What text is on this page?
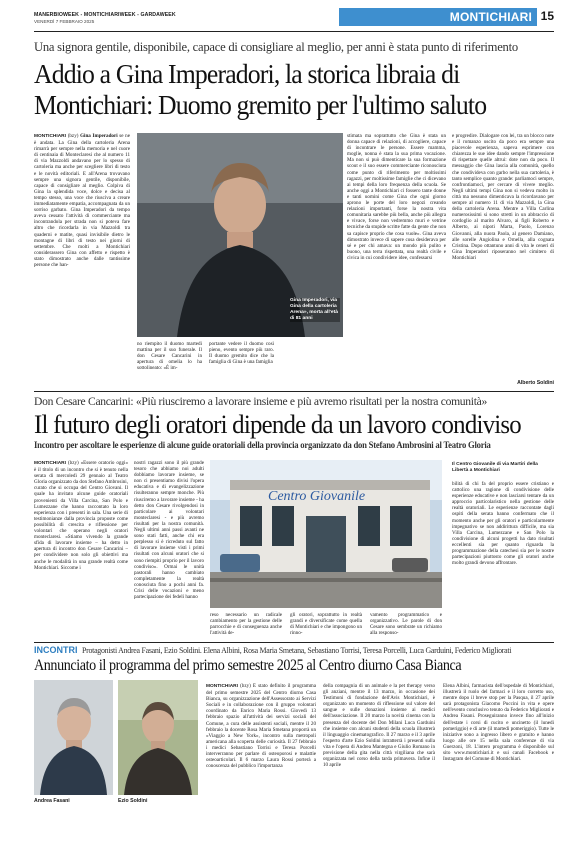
MANERBIOWEEK - MONTICHIARIWEEK - GARDAWEEK
VENERDÌ 7 FEBBRAIO 2025	MONTICHIARI 15
Una signora gentile, disponibile, capace di consigliare al meglio, per anni è stata punto di riferimento
Addio a Gina Imperadori, la storica libraia di Montichiari: Duomo gremito per l'ultimo saluto
MONTICHIARI (bzy) Gina Imperadori se ne è andata. La Gina della cartoleria Arena rimarrà per sempre nella memoria e nel cuore di centinaia di Monteclaresi che al numero 11 di via Mazzoldi andavano per lo spesso di cartoleria ma anche per scegliere libri di testo e le novità editoriali. E all'Arena trovavano sempre una signora gentile, disponibile, capace di consigliare al meglio. Colpiva di Gina la splendida voce, dolce e decisa al tempo stesso, una voce che riusciva a creare immediatamente empatia, accompagnata da un sorriso garbato. Gina Imperadori da tempo aveva cessato l'attività di commerciante ma incontrandola per strada non si poteva fare altro che ricordarla in via Mazzoldi tra quaderni e matite, quasi invisibile dietro le montagne di libri di testo nei giorni di settembre. Che molti a Montichiari considerassero Gina con affetto e rispetto è stato dimostrato anche dalle tantissime persone che han-
Gina Imperadori, via Gina della cartoleria Arena», morta all'età di 81 anni
no riempito il duomo martedì mattina per il suo funerale. Il don Cesare Cancarini in apertura di omelia lo ha sottolineato: «È im-
portante vedere il duomo così pieno, evento sempre più raro. Il duomo gremito dice che la famiglia di Gina è una famiglia
stimata ma soprattutto che Gina è stata un donna capace di relazioni, di accogliere, capace di incontrare le persone. Essere mamma, moglie, nonna è stata la sua prima vocazione. Ma non si può dimenticare la sua formazione scout e il suo essere commerciante riconosciuta come punto di riferimento per moltissimi ragazzi, per moltissime famiglie che ci dicevano ai tempi della loro frequenza della scuola. Se anche oggi a Montichiari ci fossero tante donne e tanti uomini come Gina che ogni giorno aprono le porte del loro negozi creando relazioni importanti, forse la nostra vita comunitaria sarebbe più bella, anche più allegra e vivace, forse non vedremmo muri e vetrine tecniche da stupide scritte fatte da gente che non sa capisce proprio che cosa vuole». Gina aveva dimostrato invece di sapere cosa desiderava per sé e per chi amava: un mondo più pulito e buono, una terra rispettata, una realtà civile e civica in cui condividere idee, confessarsi
e progredire. Dialogare con lei, tra un blocco note e il romanzo uscito da poco era sempre una piacevole esperienza, sapeva esprimere con chiarezza le sue idee dando sempre l'impressione di rispettare quelle altrui: dote non da poco. Il messaggio che Gina lascia alla comunità, quello che condivideva con garbo nella sua cartoleria, è tanto semplice quanto grande: parliamoci sempre, confrontiamoci, per cercare di vivere meglio. Negli ultimi tempi Gina non si vedeva molto in città ma nessuno dimenticava la ricordavano per sempre al numero 11 di via Mazzoldi, la Gina della cartoleria Arena. Mentre a Villa Carlina numerosissimi si sono stretti in un abbraccio di cordoglio al marito Alvaro, ai figli Roberto e Alberto, ai nipoti Marta, Paolo, Lorenzo Giovanni, alla nuora Paola, al genero Damiano, alle sorelle Angiolina e Ornella, alla cognata Cristina. Dopo ottantuno anni di vita le ceneri di Gina Imperadori riposeranno nel cimitero di Montichiari
Alberto Soldini
Don Cesare Cancarini: «Più riusciremo a lavorare insieme e più avremo risultati per la nostra comunità»
Il futuro degli oratori dipende da un lavoro condiviso
Incontro per ascoltare le esperienze di alcune guide oratoriali della provincia organizzato da don Stefano Ambrosini al Teatro Gloria
MONTICHIARI (bzy) «Essere oratorio oggi» è il titolo di un incontro che si è tenuto nella serata di mercoledì 29 gennaio al Teatro Gloria organizzato da don Stefano Ambrosini, curato che si occupa del Centro Giovani. Il quale ha invitato alcune guide oratoriali provenienti da Villa Carcina, San Polo e Lumezzane che hanno raccontato la loro esperienza con i presenti in sala. Una serie di testimonianze dalla provincia proposte come possibilità di crescita e riflessione per volontari che operano negli oratori monteclaresi. «Stiamo vivendo la grande sfida di lavorare insieme – ha detto in apertura di incontro don Cesare Cancarini – per condividere non solo gli obiettivi ma anche le modalità in una grande realtà come Montichiari. Siccome i
nostri ragazzi sono il più grande tesoro che abbiamo noi adulti dobbiamo lavorare insieme, se non ci presentiamo divisi l'opera educativa e di evangelizzazione risulteranno sempre monche. Più riusciremo a lavorare insieme - ha detto don Cesare rivolgendosi in particolare ai volontari monteclaresi - e più avremo risultati per la nostra comunità. Negli ultimi anni passi avanti ne sono stati fatti, anche chi era perplesso si è ricreduto sul fatto di lavorare insieme visti i primi risultati con alcuni oratori che si sono riempiti proprio per il lavoro condiviso». Ormai le unità pastorali hanno cambiato completamente la realtà conosciuta fino a pochi anni fa. Crisi delle vocazioni e meno partecipazione dei fedeli hanno
Centro Giovanile
Il Centro Giovanile di via Martiri della Libertà a Montichiari
reso necessario un radicale cambiamento per la gestione delle parrocchie e di conseguenza anche l'attività de-
gli oratori, soprattutto in realtà grandi e diversificate come quella di Montichiari e che impongono un rinno-
vamento programmatico e organizzativo. Le parole di don Cesare sono sembrate un richiamo alla responso-
bilità di chi fa del proprio essere cristiano e cattolico una ragione di condivisione delle esperienze educative e non lasciarsi tentare da un approccio particolaristico nella gestione delle realtà oratoriali. Le esperienze raccontate dagli ospiti della serata hanno confermato che il momento anche per gli oratori e particolarmente impegnativo se non addirittura difficile, ma sia Villa Carcina, Lumezzane e San Polo la condivisione di alcuni progetti ha dato risultati eccellenti sia per quanto riguarda la programmazione della catechesi sia per le nostre partecipazioni piuttosto come gli oratori anche molto grandi devono affrontare.
INCONTRI Protagonisti Andrea Fasani, Ezio Soldini. Elena Albini, Rosa Maria Smetana, Sebastiano Torrisi, Teresa Porcelli, Luca Garduini, Federico Migliorati
Annunciato il programma del primo semestre 2025 al Centro diurno Casa Bianca
Andrea Fasani	Ezio Soldini
MONTICHIARI (bzy) È stato definito il programma del primo semestre 2025 del Centro diurno Casa Bianca, su organizzazione dell'Assessorato ai Servizi Sociali e in collaborazione con il gruppo volontari coordinato da Enrico Maria Rossi. Giovedì 13 febbraio spazio all'attività dei servizi sociali del Comune, a cura delle assistenti sociali, mentre il 20 febbraio la docente Rosa Maria Smetana proporrà un «Viaggio a New York», incontro sulla metropoli americana alla scoperta delle curiosità. Il 27 febbraio i medici Sebastiano Torrisi e Teresa Porcelli interverranno per parlare di osteoporosi e malattie osteoarticolari. Il 6 marzo Laura Rossi porterà a conoscenza del pubblico l'importanza
della compagnia di un animale e la pet therapy verso gli anziani, mentre il 13 marzo, in occasione dei Testimoni di fondazione dell'Avis Montichiari, è organizzato un momento di riflessione sul valore del sangue e sulle donazioni insieme ai medici dell'associazione. Il 20 marzo la novità cinema con la presenza del docente del Don Milani Luca Garduini che insieme con alcuni studenti della scuola illustrerà il linguaggio cinematografico. Il 27 marzo e il 3 aprile l'esperto d'arte Ezio Soldini intratterrà i presenti sulla vita e l'opera di Andrea Mantegna e Giulio Romano in previsione della gita nella città virgiliana che sarà organizzata nel corso della tarda primavera. Infine il 10 aprile
Elena Albini, farmacista dell'ospedale di Montichiari, illustrerà il ruolo del farmaci e il loro corretto uso, mentre dopo il breve stop per la Pasqua, il 27 aprile sarà protagonista Giacomo Puccini in vita e opere nell'evento conclusivo tenuto da Federico Migliorati e Andrea Fasani. Proseguiranno invece fino all'inizio dell'estate i corsi di cucito e uncinetto (il lunedì pomeriggio) e di arte (il martedì pomeriggio). Tutte le iniziative sono a ingresso libero e gratuito e hanno luogo alle ore 15 nella sala conferenze di via Guerzoni, 18. L'intero programma è disponibile sul sito www.montichiari.it e sui canali Facebook e Instagram del Comune di Montichiari.
